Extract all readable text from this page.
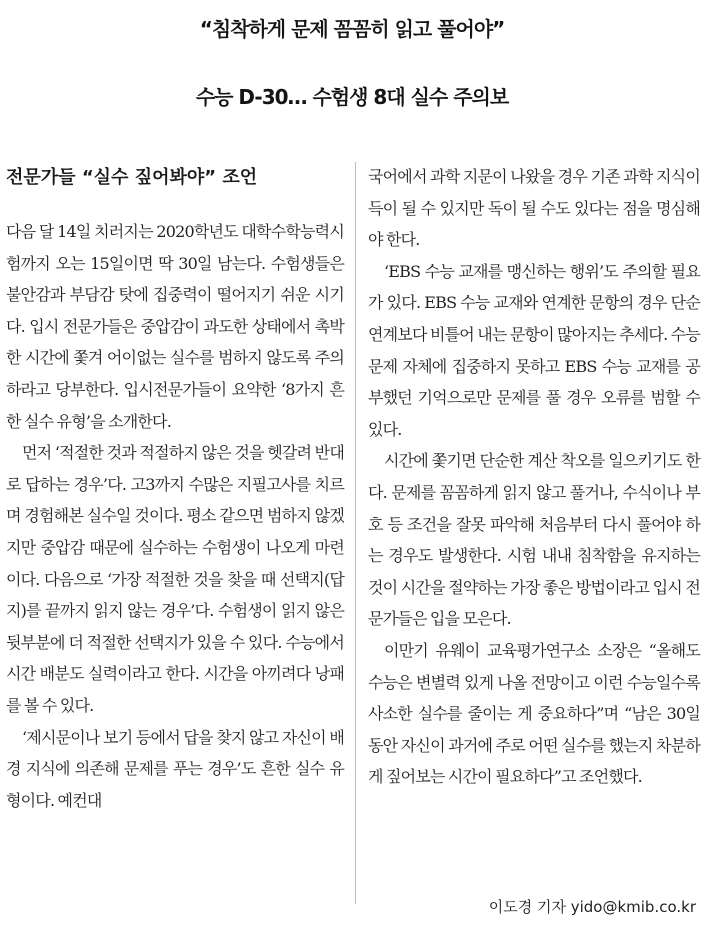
“침착하게 문제 꼼꼼히 읽고 풀어야”
수능 D-30… 수험생 8대 실수 주의보
전문가들 “실수 짚어봐야” 조언

다음 달 14일 치러지는 2020학년도 대학수학능력시험까지 오는 15일이면 딱 30일 남는다. 수험생들은 불안감과 부담감 탓에 집중력이 떨어지기 쉬운 시기다. 입시 전문가들은 중압감이 과도한 상태에서 촉박한 시간에 쫓겨 어이없는 실수를 범하지 않도록 주의하라고 당부한다. 입시전문가들이 요약한 ‘8가지 흔한 실수 유형’을 소개한다.

먼저 ‘적절한 것과 적절하지 않은 것을 헷갈려 반대로 답하는 경우’다. 고3까지 수많은 지필고사를 치르며 경험해본 실수일 것이다. 평소 같으면 범하지 않겠지만 중압감 때문에 실수하는 수험생이 나오게 마련이다. 다음으로 ‘가장 적절한 것을 찾을 때 선택지(답지)를 끝까지 읽지 않는 경우’다. 수험생이 읽지 않은 뒷부분에 더 적절한 선택지가 있을 수 있다. 수능에서 시간 배분도 실력이라고 한다. 시간을 아끼려다 낭패를 볼 수 있다.

‘제시문이나 보기 등에서 답을 찾지 않고 자신이 배경 지식에 의존해 문제를 푸는 경우’도 흔한 실수 유형이다. 예컨대

국어에서 과학 지문이 나왔을 경우 기존 과학 지식이 득이 될 수 있지만 독이 될 수도 있다는 점을 명심해야 한다.

‘EBS 수능 교재를 맹신하는 행위’도 주의할 필요가 있다. EBS 수능 교재와 연계한 문항의 경우 단순 연계보다 비틀어 내는 문항이 많아지는 추세다. 수능 문제 자체에 집중하지 못하고 EBS 수능 교재를 공부했던 기억으로만 문제를 풀 경우 오류를 범할 수 있다.

시간에 쫓기면 단순한 계산 착오를 일으키기도 한다. 문제를 꼼꼼하게 읽지 않고 풀거나, 수식이나 부호 등 조건을 잘못 파악해 처음부터 다시 풀어야 하는 경우도 발생한다. 시험 내내 침착함을 유지하는 것이 시간을 절약하는 가장 좋은 방법이라고 입시 전문가들은 입을 모은다.

이만기 유웨이 교육평가연구소 소장은 “올해도 수능은 변별력 있게 나올 전망이고 이런 수능일수록 사소한 실수를 줄이는 게 중요하다”며 “남은 30일 동안 자신이 과거에 주로 어떤 실수를 했는지 차분하게 짚어보는 시간이 필요하다”고 조언했다.

이도경 기자 yido@kmib.co.kr
